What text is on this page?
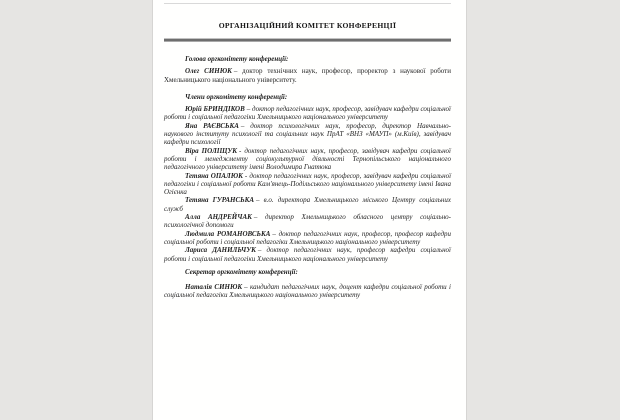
ОРГАНІЗАЦІЙНИЙ КОМІТЕТ КОНФЕРЕНЦІЇ

Голова оргкомітету конференції:

Олег СИНЮК – доктор технічних наук, професор, проректор з наукової роботи Хмельницького національного університету.

Члени оргкомітету конференції:

Юрій БРИНДІКОВ – доктор педагогічних наук, професор, завідувач кафедри соціальної роботи і соціальної педагогіки Хмельницького національного університету

Яна РАЄВСЬКА – доктор психологічних наук, професор, директор Навчально-наукового інституту психології та соціальних наук ПрАТ «ВНЗ «МАУП» (м.Київ), завідувач кафедри психології

Віра ПОЛІЩУК - доктор педагогічних наук, професор, завідувач кафедри соціальної роботи і менеджменту соціокультурної діяльності Тернопільського національного педагогічного університету імені Володимира Гнатюка

Тетяна ОПАЛЮК - доктор педагогічних наук, професор, завідувач кафедри соціальної педагогіки і соціальної роботи Кам'янець-Подільського національного університету імені Івана Огієнка

Тетяна ГУРАНСЬКА – в.о. директора Хмельницького міського Центру соціальних служб

Алла АНДРЕЙЧАК – директор Хмельницького обласного центру соціально-психологічної допомоги

Людмила РОМАНОВСЬКА – доктор педагогічних наук, професор, професор кафедри соціальної роботи і соціальної педагогіки Хмельницького національного університету

Лариса ДАНИЛЬЧУК – доктор педагогічних наук, професор кафедри соціальної роботи і соціальної педагогіки Хмельницького національного університету

Секретар оргкомітету конференції:

Наталія СИНЮК – кандидат педагогічних наук, доцент кафедри соціальної роботи і соціальної педагогіки Хмельницького національного університету
